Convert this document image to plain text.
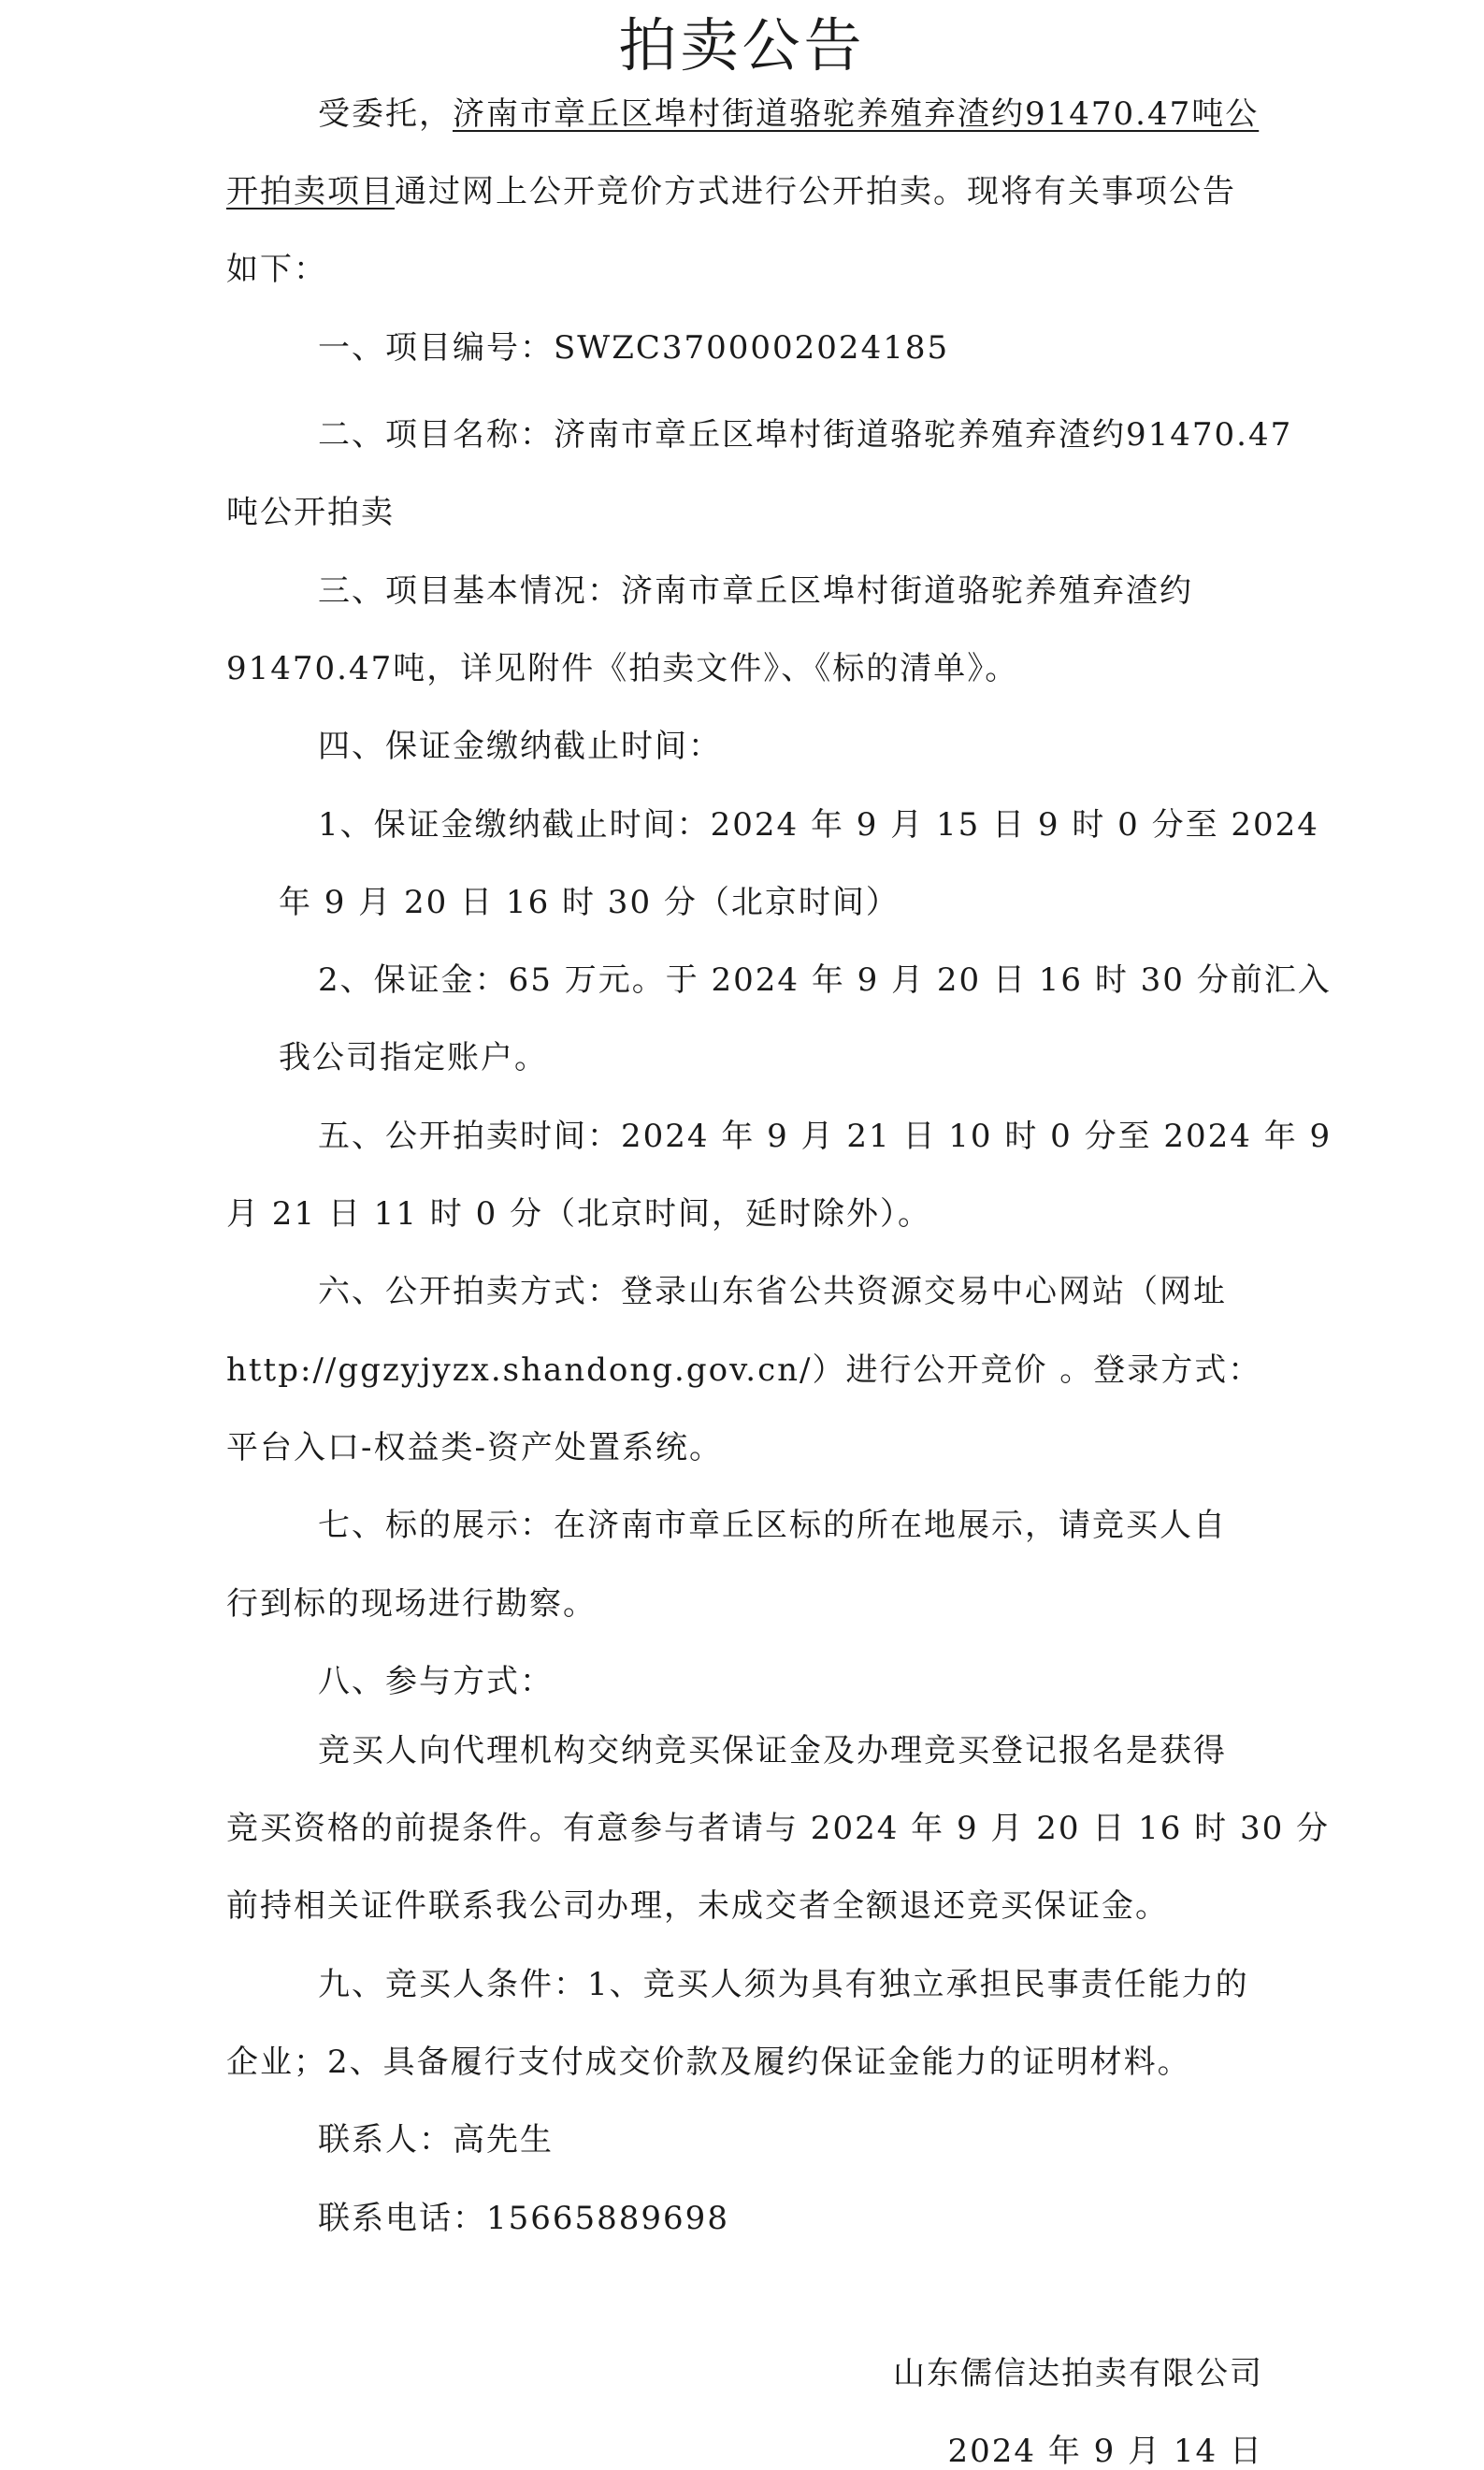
拍卖公告

受委托，济南市章丘区埠村街道骆驼养殖弃渣约91470.47吨公

开拍卖项目通过网上公开竞价方式进行公开拍卖。现将有关事项公告

如下：

一、项目编号：SWZC3700002024185

二、项目名称：济南市章丘区埠村街道骆驼养殖弃渣约91470.47

吨公开拍卖

三、项目基本情况：济南市章丘区埠村街道骆驼养殖弃渣约

91470.47吨，详见附件《拍卖文件》、《标的清单》。

四、保证金缴纳截止时间：

1、保证金缴纳截止时间：2024 年 9 月 15 日 9 时 0 分至 2024

年 9 月 20 日 16 时 30 分（北京时间）

2、保证金：65 万元。于 2024 年 9 月 20 日 16 时 30 分前汇入

我公司指定账户。

五、公开拍卖时间：2024 年 9 月 21 日 10 时 0 分至 2024 年 9

月 21 日 11 时 0 分（北京时间，延时除外）。

六、公开拍卖方式：登录山东省公共资源交易中心网站（网址

http://ggzyjyzx.shandong.gov.cn/）进行公开竞价 。登录方式：

平台入口-权益类-资产处置系统。

七、标的展示：在济南市章丘区标的所在地展示，请竞买人自

行到标的现场进行勘察。

八、参与方式：

竞买人向代理机构交纳竞买保证金及办理竞买登记报名是获得

竞买资格的前提条件。有意参与者请与 2024 年 9 月 20 日 16 时 30 分

前持相关证件联系我公司办理，未成交者全额退还竞买保证金。

九、竞买人条件：1、竞买人须为具有独立承担民事责任能力的

企业；2、具备履行支付成交价款及履约保证金能力的证明材料。

联系人：高先生

联系电话：15665889698

山东儒信达拍卖有限公司

2024 年 9 月 14 日
